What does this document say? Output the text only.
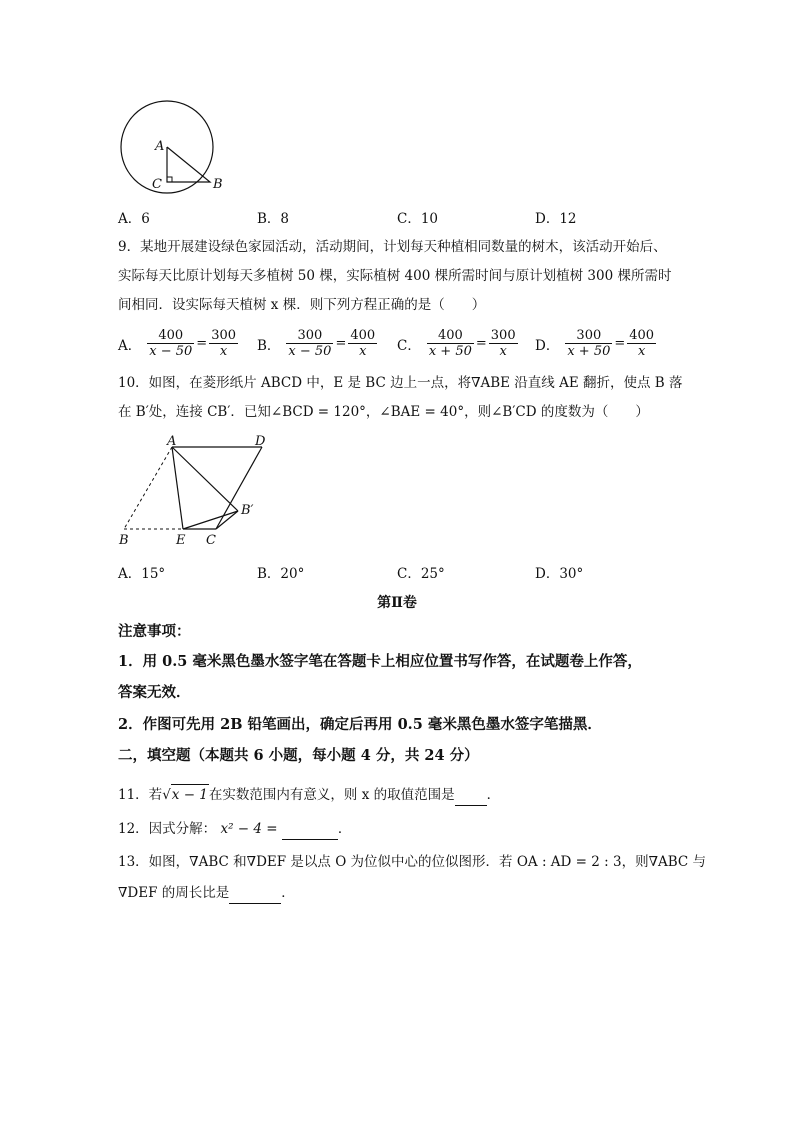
A
C	B
A．6	B．8	C．10	D．12
9．某地开展建设绿色家园活动，活动期间，计划每天种植相同数量的树木，该活动开始后、
实际每天比原计划每天多植树 50 棵，实际植树 400 棵所需时间与原计划植树 300 棵所需时
间相同．设实际每天植树 x 棵．则下列方程正确的是（　　）
A． $\frac{400}{x - 50} = \frac{300}{x}$ B． $\frac{300}{x - 50} = \frac{400}{x}$ C． $\frac{400}{x + 50} = \frac{300}{x}$ D． $\frac{300}{x + 50} = \frac{400}{x}$
10．如图，在菱形纸片 ABCD 中，E 是 BC 边上一点，将∇ABE 沿直线 AE 翻折，使点 B 落
在 B′处，连接 CB′．已知∠BCD = 120°，∠BAE = 40°，则∠B′CD 的度数为（　　）
A	D
B′
B	E C
A．15°	B．20°	C．25°	D．30°
第Ⅱ卷
注意事项：
1．用 0.5 毫米黑色墨水签字笔在答题卡上相应位置书写作答，在试题卷上作答，
答案无效．
2．作图可先用 2B 铅笔画出，确定后再用 0.5 毫米黑色墨水签字笔描黑．
二，填空题（本题共 6 小题，每小题 4 分，共 24 分）
11．若√x − 1在实数范围内有意义，则 x 的取值范围是 ．
12．因式分解： x² − 4 =	．
13．如图，∇ABC 和∇DEF 是以点 O 为位似中心的位似图形．若 OA : AD = 2 : 3，则∇ABC 与
∇DEF 的周长比是	．
